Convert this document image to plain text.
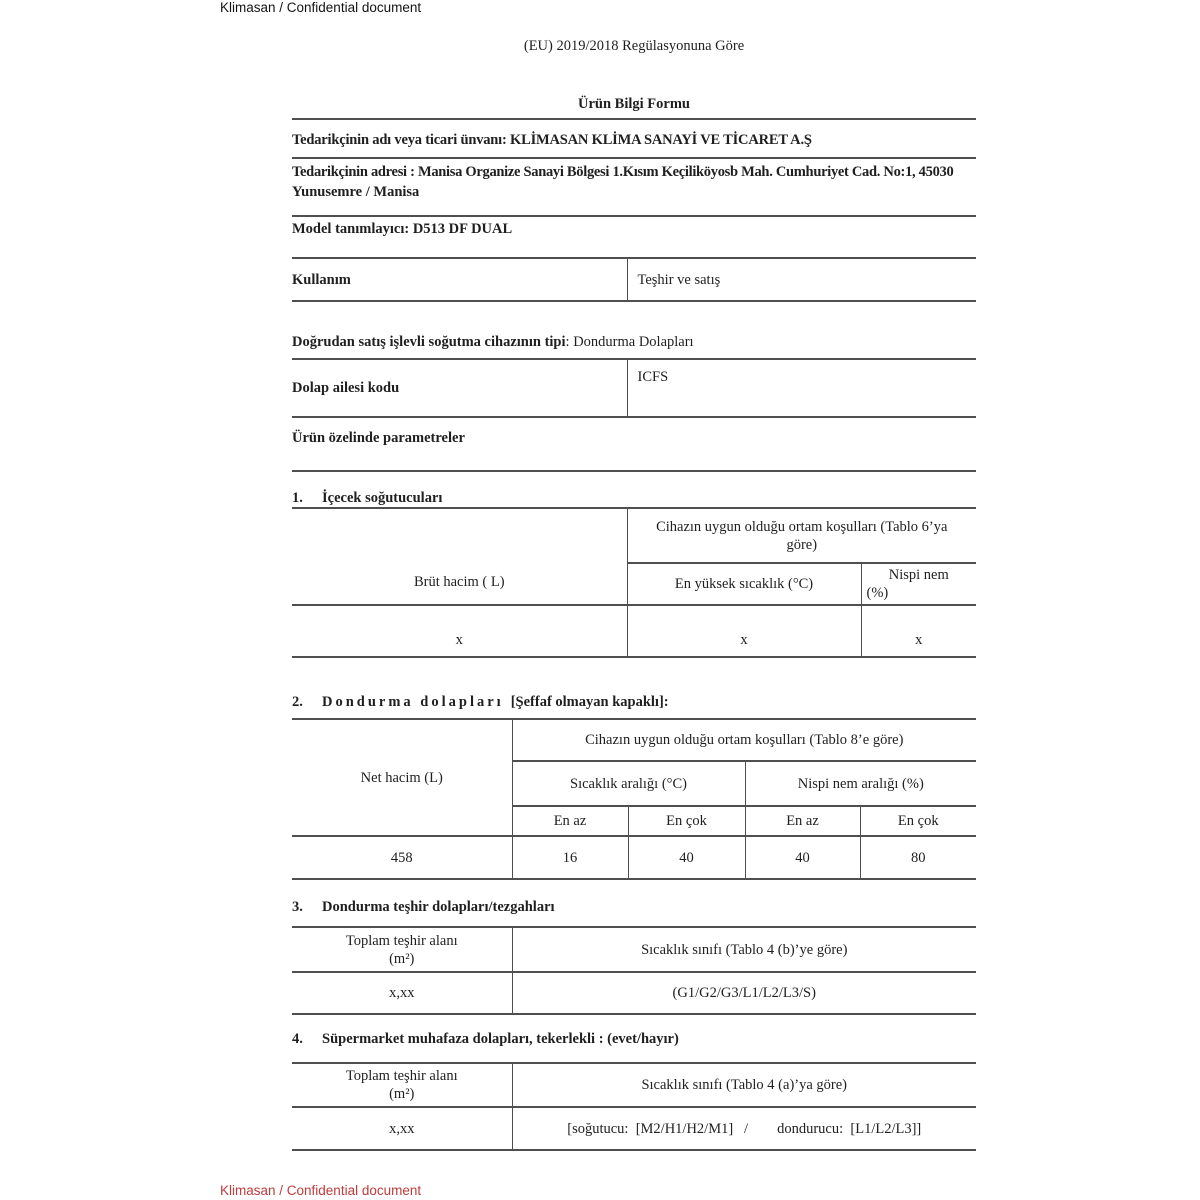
Klimasan / Confidential document
(EU) 2019/2018 Regülasyonuna Göre
Ürün Bilgi Formu
Tedarikçinin adı veya ticari ünvanı: KLİMASAN KLİMA SANAYİ VE TİCARET A.Ş
Tedarikçinin adresi : Manisa Organize Sanayi Bölgesi 1.Kısım Keçiliköyosb Mah. Cumhuriyet Cad. No:1, 45030
Yunusemre / Manisa
Model tanımlayıcı: D513 DF DUAL
Kullanım	Teşhir ve satış
Doğrudan satış işlevli soğutma cihazının tipi: Dondurma Dolapları
Dolap ailesi kodu	ICFS
Ürün özelinde parametreler
1.	İçecek soğutucuları
Brüt hacim ( L)	Cihazın uygun olduğu ortam koşulları (Tablo 6’ya göre)	
	En yüksek sıcaklık (°C)	Nispi nem
(%)

x	x	x
2.	Dondurma dolapları [Şeffaf olmayan kapaklı]:
Net hacim (L)	Cihazın uygun olduğu ortam koşulları (Tablo 8’e göre)			
	Sıcaklık aralığı (°C)		Nispi nem aralığı (%)	
	En az	En çok	En az	En çok
458	16	40	40	80
3.	Dondurma teşhir dolapları/tezgahları
Toplam teşhir alanı
(m²)	Sıcaklık sınıfı (Tablo 4 (b)’ye göre)
x,xx	(G1/G2/G3/L1/L2/L3/S)
4.	Süpermarket muhafaza dolapları, tekerlekli : (evet/hayır)
Toplam teşhir alanı
(m²)	Sıcaklık sınıfı (Tablo 4 (a)’ya göre)
x,xx	[soğutucu:  [M2/H1/H2/M1]   /        dondurucu:  [L1/L2/L3]]
Klimasan / Confidential document
